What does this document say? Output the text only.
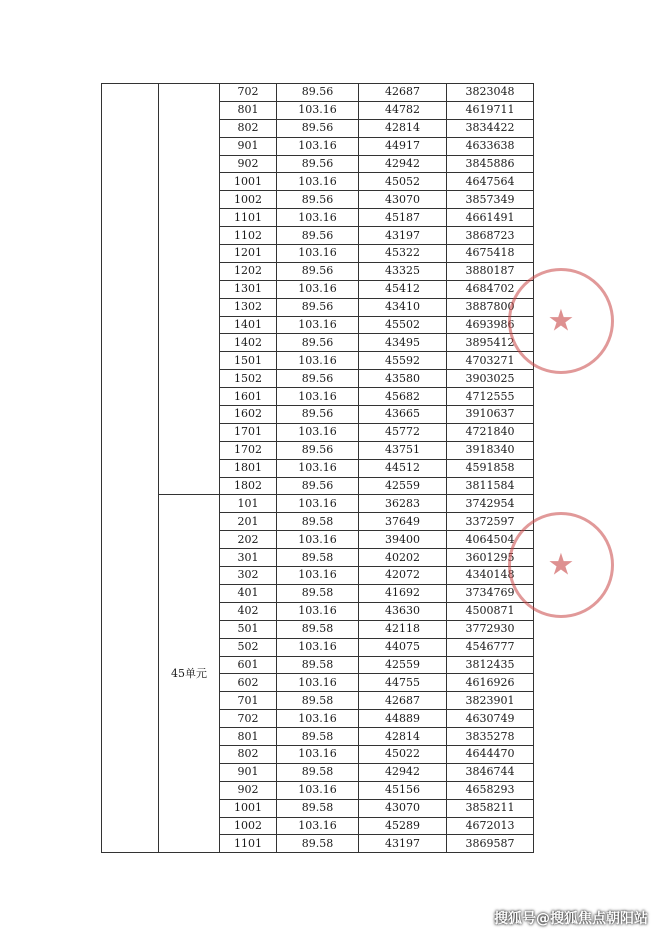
		702	89.56	42687	3823048
		801	103.16	44782	4619711
		802	89.56	42814	3834422
		901	103.16	44917	4633638
		902	89.56	42942	3845886
		1001	103.16	45052	4647564
		1002	89.56	43070	3857349
		1101	103.16	45187	4661491
		1102	89.56	43197	3868723
		1201	103.16	45322	4675418
		1202	89.56	43325	3880187
		1301	103.16	45412	4684702
		1302	89.56	43410	3887800
		1401	103.16	45502	4693986
		1402	89.56	43495	3895412
		1501	103.16	45592	4703271
		1502	89.56	43580	3903025
		1601	103.16	45682	4712555
		1602	89.56	43665	3910637
		1701	103.16	45772	4721840
		1702	89.56	43751	3918340
		1801	103.16	44512	4591858
		1802	89.56	42559	3811584
	45单元	101	103.16	36283	3742954
		201	89.58	37649	3372597
		202	103.16	39400	4064504
		301	89.58	40202	3601295
		302	103.16	42072	4340148
		401	89.58	41692	3734769
		402	103.16	43630	4500871
		501	89.58	42118	3772930
		502	103.16	44075	4546777
		601	89.58	42559	3812435
		602	103.16	44755	4616926
		701	89.58	42687	3823901
		702	103.16	44889	4630749
		801	89.58	42814	3835278
		802	103.16	45022	4644470
		901	89.58	42942	3846744
		902	103.16	45156	4658293
		1001	89.58	43070	3858211
		1002	103.16	45289	4672013
		1101	89.58	43197	3869587
★
★
搜狐号@搜狐焦点朝阳站
